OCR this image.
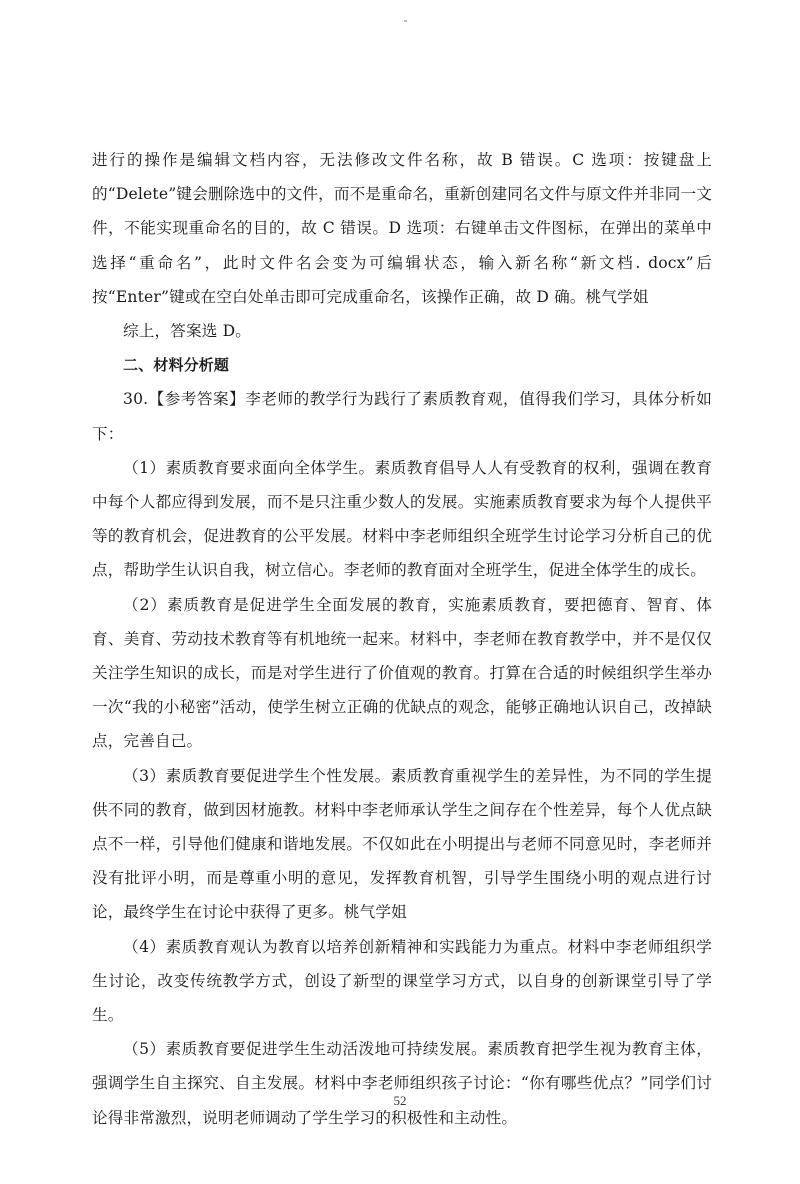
进行的操作是编辑文档内容，无法修改文件名称，故 B 错误。C 选项：按键盘上的“Delete”键会删除选中的文件，而不是重命名，重新创建同名文件与原文件并非同一文件，不能实现重命名的目的，故 C 错误。D 选项：右键单击文件图标，在弹出的菜单中选择“重命名”，此时文件名会变为可编辑状态，输入新名称“新文档. docx”后按“Enter”键或在空白处单击即可完成重命名，该操作正确，故 D 确。桃气学姐

综上，答案选 D。

二、材料分析题

30.【参考答案】李老师的教学行为践行了素质教育观，值得我们学习，具体分析如下：

（1）素质教育要求面向全体学生。素质教育倡导人人有受教育的权利，强调在教育中每个人都应得到发展，而不是只注重少数人的发展。实施素质教育要求为每个人提供平等的教育机会，促进教育的公平发展。材料中李老师组织全班学生讨论学习分析自己的优点，帮助学生认识自我，树立信心。李老师的教育面对全班学生，促进全体学生的成长。

（2）素质教育是促进学生全面发展的教育，实施素质教育，要把德育、智育、体育、美育、劳动技术教育等有机地统一起来。材料中，李老师在教育教学中，并不是仅仅关注学生知识的成长，而是对学生进行了价值观的教育。打算在合适的时候组织学生举办一次“我的小秘密”活动，使学生树立正确的优缺点的观念，能够正确地认识自己，改掉缺点，完善自己。

（3）素质教育要促进学生个性发展。素质教育重视学生的差异性，为不同的学生提供不同的教育，做到因材施教。材料中李老师承认学生之间存在个性差异，每个人优点缺点不一样，引导他们健康和谐地发展。不仅如此在小明提出与老师不同意见时，李老师并没有批评小明，而是尊重小明的意见，发挥教育机智，引导学生围绕小明的观点进行讨论，最终学生在讨论中获得了更多。桃气学姐

（4）素质教育观认为教育以培养创新精神和实践能力为重点。材料中李老师组织学生讨论，改变传统教学方式，创设了新型的课堂学习方式，以自身的创新课堂引导了学生。

（5）素质教育要促进学生生动活泼地可持续发展。素质教育把学生视为教育主体，强调学生自主探究、自主发展。材料中李老师组织孩子讨论：“你有哪些优点？”同学们讨论得非常激烈，说明老师调动了学生学习的积极性和主动性。

52
